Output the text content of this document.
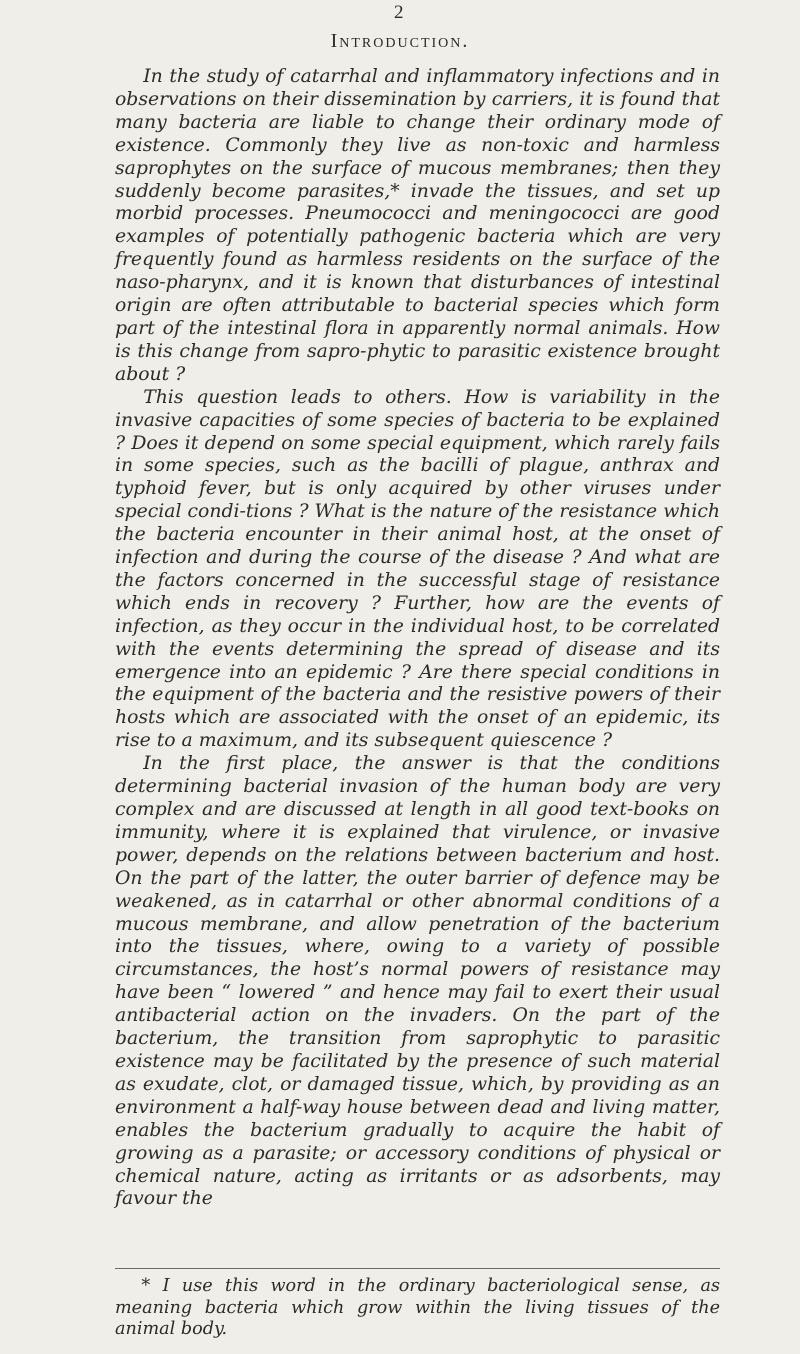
2
Introduction.

In the study of catarrhal and inflammatory infections and in observations on their dissemination by carriers, it is found that many bacteria are liable to change their ordinary mode of existence. Commonly they live as non-toxic and harmless saprophytes on the surface of mucous membranes; then they suddenly become parasites,* invade the tissues, and set up morbid processes. Pneumococci and meningococci are good examples of potentially pathogenic bacteria which are very frequently found as harmless residents on the surface of the naso-pharynx, and it is known that disturbances of intestinal origin are often attributable to bacterial species which form part of the intestinal flora in apparently normal animals. How is this change from sapro-phytic to parasitic existence brought about ?

This question leads to others. How is variability in the invasive capacities of some species of bacteria to be explained ? Does it depend on some special equipment, which rarely fails in some species, such as the bacilli of plague, anthrax and typhoid fever, but is only acquired by other viruses under special condi-tions ? What is the nature of the resistance which the bacteria encounter in their animal host, at the onset of infection and during the course of the disease ? And what are the factors concerned in the successful stage of resistance which ends in recovery ? Further, how are the events of infection, as they occur in the individual host, to be correlated with the events determining the spread of disease and its emergence into an epidemic ? Are there special conditions in the equipment of the bacteria and the resistive powers of their hosts which are associated with the onset of an epidemic, its rise to a maximum, and its subsequent quiescence ?

In the first place, the answer is that the conditions determining bacterial invasion of the human body are very complex and are discussed at length in all good text-books on immunity, where it is explained that virulence, or invasive power, depends on the relations between bacterium and host. On the part of the latter, the outer barrier of defence may be weakened, as in catarrhal or other abnormal conditions of a mucous membrane, and allow penetration of the bacterium into the tissues, where, owing to a variety of possible circumstances, the host’s normal powers of resistance may have been “ lowered ” and hence may fail to exert their usual antibacterial action on the invaders. On the part of the bacterium, the transition from saprophytic to parasitic existence may be facilitated by the presence of such material as exudate, clot, or damaged tissue, which, by providing as an environment a half-way house between dead and living matter, enables the bacterium gradually to acquire the habit of growing as a parasite; or accessory conditions of physical or chemical nature, acting as irritants or as adsorbents, may favour the

* I use this word in the ordinary bacteriological sense, as meaning bacteria which grow within the living tissues of the animal body.
